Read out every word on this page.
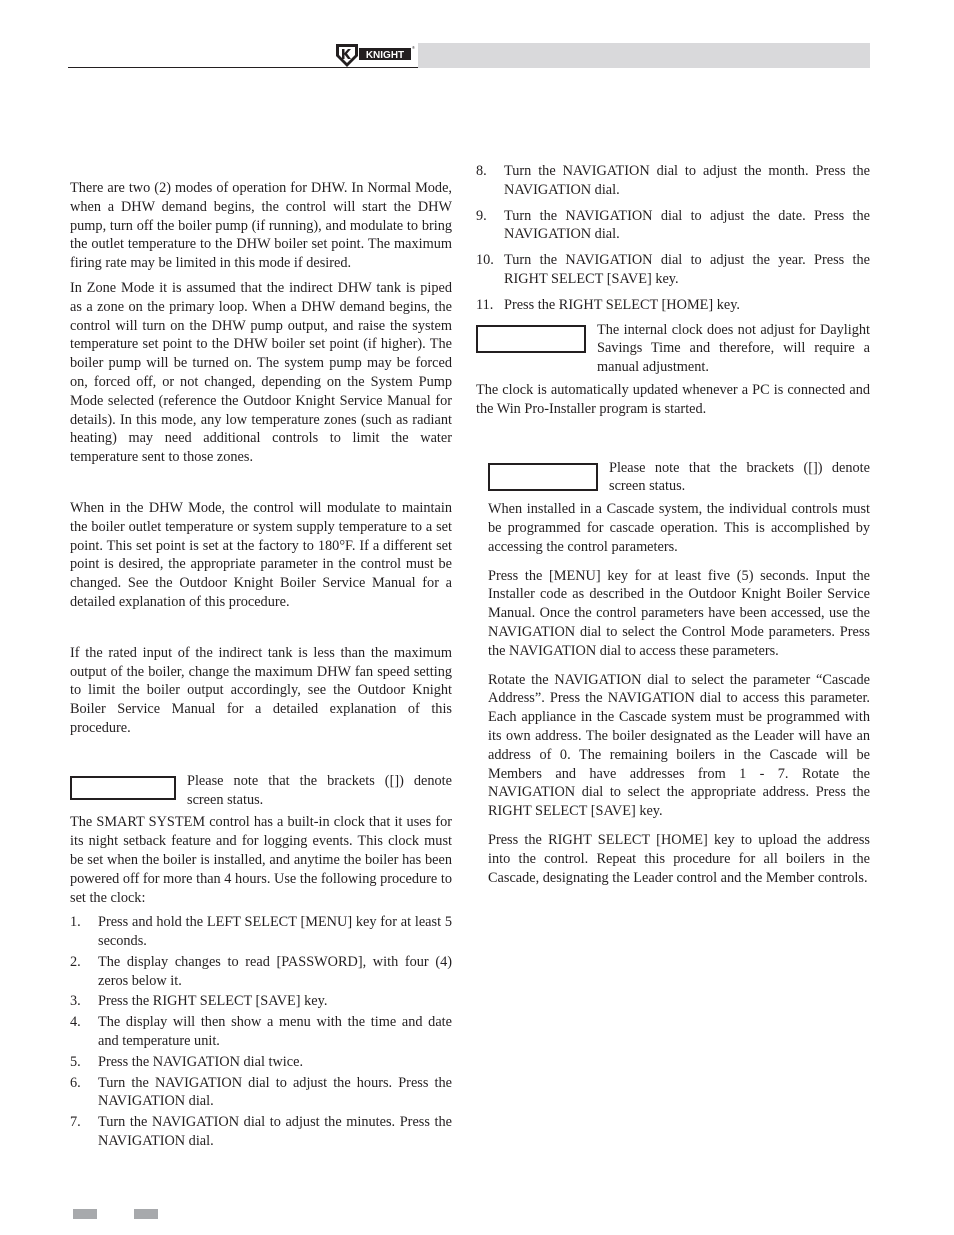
KNIGHT
®

There are two (2) modes of operation for DHW. In Normal Mode, when a DHW demand begins, the control will start the DHW pump, turn off the boiler pump (if running), and modulate to bring the outlet temperature to the DHW boiler set point. The maximum firing rate may be limited in this mode if desired.

In Zone Mode it is assumed that the indirect DHW tank is piped as a zone on the primary loop. When a DHW demand begins, the control will turn on the DHW pump output, and raise the system temperature set point to the DHW boiler set point (if higher). The boiler pump will be turned on. The system pump may be forced on, forced off, or not changed, depending on the System Pump Mode selected (reference the Outdoor Knight Service Manual for details). In this mode, any low temperature zones (such as radiant heating) may need additional controls to limit the water temperature sent to those zones.

When in the DHW Mode, the control will modulate to maintain the boiler outlet temperature or system supply temperature to a set point. This set point is set at the factory to 180°F. If a different set point is desired, the appropriate parameter in the control must be changed. See the Outdoor Knight Boiler Service Manual for a detailed explanation of this procedure.

If the rated input of the indirect tank is less than the maximum output of the boiler, change the maximum DHW fan speed setting to limit the boiler output accordingly, see the Outdoor Knight Boiler Service Manual for a detailed explanation of this procedure.

Please note that the brackets ([]) denote screen status.

The SMART SYSTEM control has a built-in clock that it uses for its night setback feature and for logging events. This clock must be set when the boiler is installed, and anytime the boiler has been powered off for more than 4 hours. Use the following procedure to set the clock:

1. Press and hold the LEFT SELECT [MENU] key for at least 5 seconds.
2. The display changes to read [PASSWORD], with four (4) zeros below it.
3. Press the RIGHT SELECT [SAVE] key.
4. The display will then show a menu with the time and date and temperature unit.
5. Press the NAVIGATION dial twice.
6. Turn the NAVIGATION dial to adjust the hours. Press the NAVIGATION dial.
7. Turn the NAVIGATION dial to adjust the minutes. Press the NAVIGATION dial.
8. Turn the NAVIGATION dial to adjust the month. Press the NAVIGATION dial.
9. Turn the NAVIGATION dial to adjust the date. Press the NAVIGATION dial.
10. Turn the NAVIGATION dial to adjust the year. Press the RIGHT SELECT [SAVE] key.
11. Press the RIGHT SELECT [HOME] key.
The internal clock does not adjust for Daylight Savings Time and therefore, will require a manual adjustment.

The clock is automatically updated whenever a PC is connected and the Win Pro-Installer program is started.

Please note that the brackets ([]) denote screen status.

When installed in a Cascade system, the individual controls must be programmed for cascade operation. This is accomplished by accessing the control parameters.

Press the [MENU] key for at least five (5) seconds. Input the Installer code as described in the Outdoor Knight Boiler Service Manual. Once the control parameters have been accessed, use the NAVIGATION dial to select the Control Mode parameters. Press the NAVIGATION dial to access these parameters.

Rotate the NAVIGATION dial to select the parameter “Cascade Address”. Press the NAVIGATION dial to access this parameter. Each appliance in the Cascade system must be programmed with its own address. The boiler designated as the Leader will have an address of 0. The remaining boilers in the Cascade will be Members and have addresses from 1 - 7. Rotate the NAVIGATION dial to select the appropriate address. Press the RIGHT SELECT [SAVE] key.

Press the RIGHT SELECT [HOME] key to upload the address into the control. Repeat this procedure for all boilers in the Cascade, designating the Leader control and the Member controls.
